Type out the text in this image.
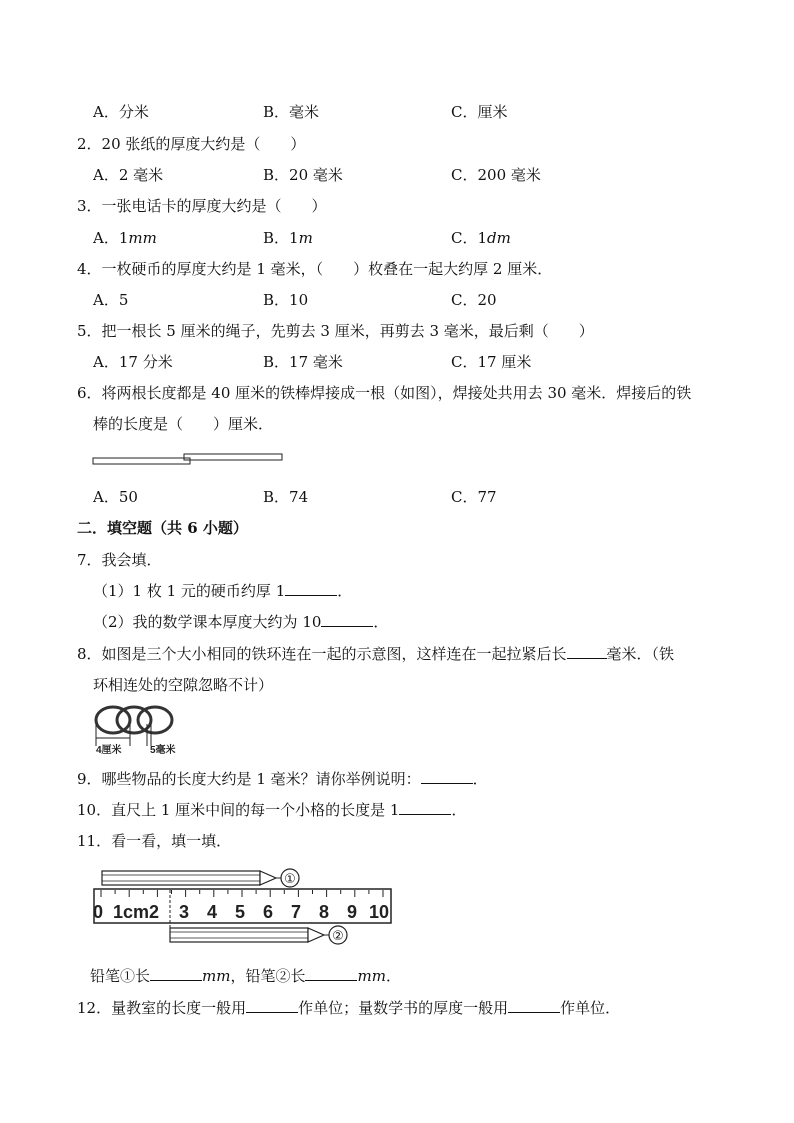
A．分米	B．毫米	C．厘米
2．20 张纸的厚度大约是（　　）
A．2 毫米	B．20 毫米	C．200 毫米
3．一张电话卡的厚度大约是（　　）
A．1mm	B．1m	C．1dm
4．一枚硬币的厚度大约是 1 毫米，（　　）枚叠在一起大约厚 2 厘米．
A．5	B．10	C．20
5．把一根长 5 厘米的绳子，先剪去 3 厘米，再剪去 3 毫米，最后剩（　　）
A．17 分米	B．17 毫米	C．17 厘米
6．将两根长度都是 40 厘米的铁棒焊接成一根（如图），焊接处共用去 30 毫米．焊接后的铁
棒的长度是（　　）厘米．
A．50	B．74	C．77
二．填空题（共 6 小题）
7．我会填．
（1）1 枚 1 元的硬币约厚 1	．
（2）我的数学课本厚度大约为 10	．
8．如图是三个大小相同的铁环连在一起的示意图，这样连在一起拉紧后长	毫米．（铁
环相连处的空隙忽略不计）
4厘米	5毫米
9．哪些物品的长度大约是 1 毫米？请你举例说明：	．
10．直尺上 1 厘米中间的每一个小格的长度是 1	．
11．看一看，填一填．
①
0 1cm2 3 4 5 6 7 8 9 10
②
铅笔①长	mm，铅笔②长	mm．
12．量教室的长度一般用	作单位；量数学书的厚度一般用	作单位．
